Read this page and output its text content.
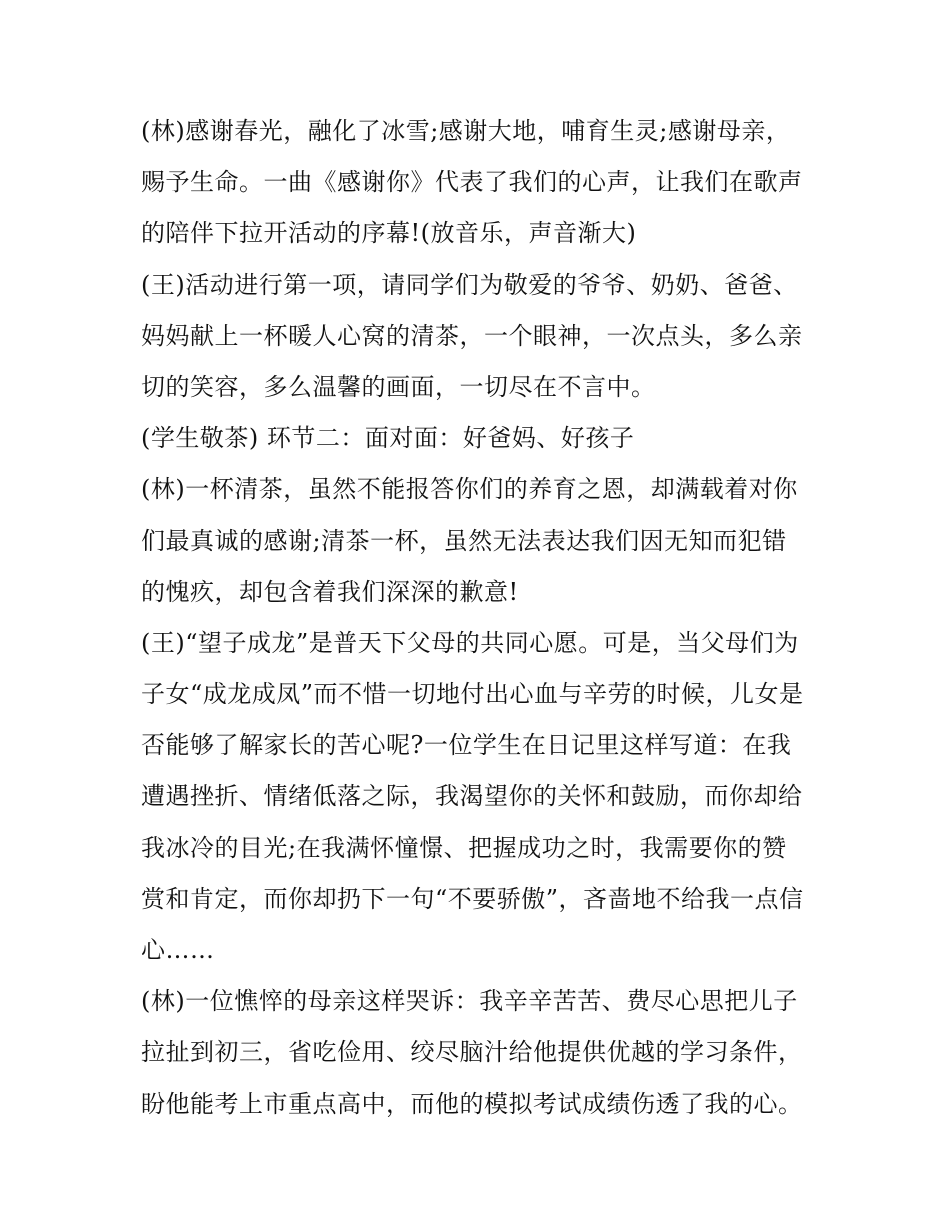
(林)感谢春光，融化了冰雪;感谢大地，哺育生灵;感谢母亲，
赐予生命。一曲《感谢你》代表了我们的心声，让我们在歌声
的陪伴下拉开活动的序幕!(放音乐，声音渐大)
(王)活动进行第一项，请同学们为敬爱的爷爷、奶奶、爸爸、
妈妈献上一杯暖人心窝的清茶，一个眼神，一次点头，多么亲
切的笑容，多么温馨的画面，一切尽在不言中。
(学生敬茶) 环节二：面对面：好爸妈、好孩子
(林)一杯清茶，虽然不能报答你们的养育之恩，却满载着对你
们最真诚的感谢;清茶一杯，虽然无法表达我们因无知而犯错
的愧疚，却包含着我们深深的歉意!
(王)“望子成龙”是普天下父母的共同心愿。可是，当父母们为
子女“成龙成凤”而不惜一切地付出心血与辛劳的时候，儿女是
否能够了解家长的苦心呢?一位学生在日记里这样写道：在我
遭遇挫折、情绪低落之际，我渴望你的关怀和鼓励，而你却给
我冰冷的目光;在我满怀憧憬、把握成功之时，我需要你的赞
赏和肯定，而你却扔下一句“不要骄傲”，吝啬地不给我一点信
心……
(林)一位憔悴的母亲这样哭诉：我辛辛苦苦、费尽心思把儿子
拉扯到初三，省吃俭用、绞尽脑汁给他提供优越的学习条件，
盼他能考上市重点高中，而他的模拟考试成绩伤透了我的心。
